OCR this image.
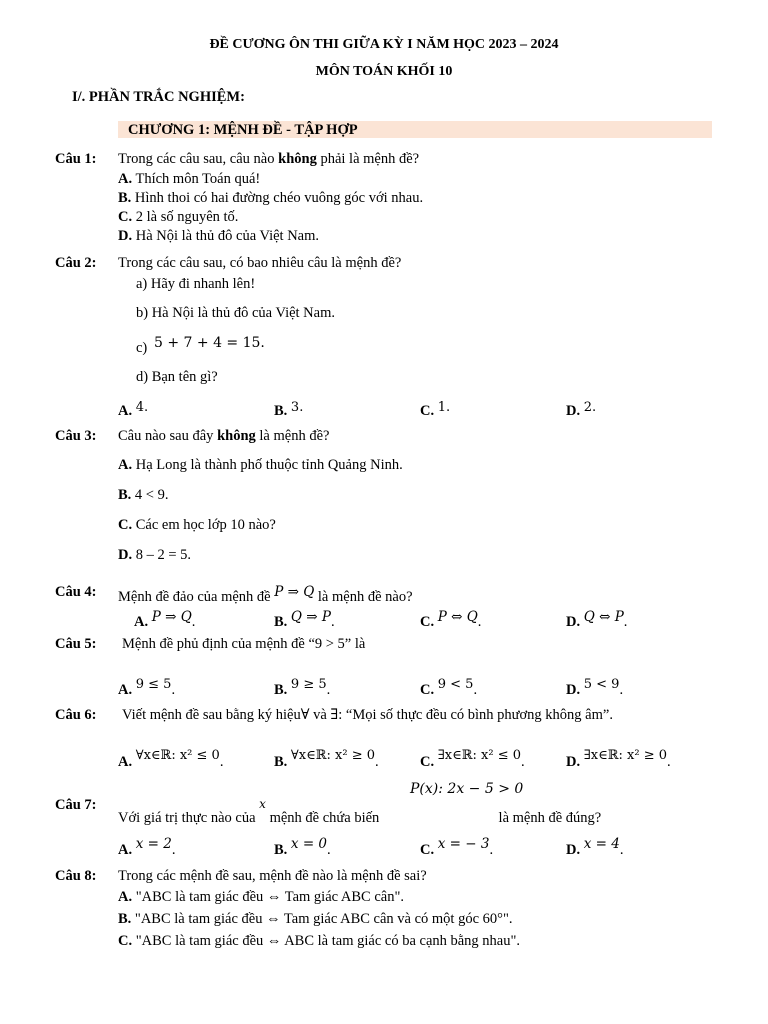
ĐỀ CƯƠNG ÔN THI GIỮA KỲ I NĂM HỌC 2023 – 2024
MÔN TOÁN KHỐI 10
I/. PHẦN TRẮC NGHIỆM:
CHƯƠNG 1: MỆNH ĐỀ - TẬP HỢP
Câu 1: Trong các câu sau, câu nào không phải là mệnh đề?
A. Thích môn Toán quá!
B. Hình thoi có hai đường chéo vuông góc với nhau.
C. 2 là số nguyên tố.
D. Hà Nội là thủ đô của Việt Nam.
Câu 2: Trong các câu sau, có bao nhiêu câu là mệnh đề?
a) Hãy đi nhanh lên!
b) Hà Nội là thủ đô của Việt Nam.
c) 5 + 7 + 4 = 15.
d) Bạn tên gì?
A. 4.	B. 3.	C. 1.	D. 2.
Câu 3: Câu nào sau đây không là mệnh đề?
A. Hạ Long là thành phố thuộc tỉnh Quảng Ninh.
B. 4 < 9.
C. Các em học lớp 10 nào?
D. 8 – 2 = 5.
Câu 4: Mệnh đề đảo của mệnh đề P ⇒ Q là mệnh đề nào?
A. P ⇒ Q.	B. Q ⇒ P.	C. P ⇔ Q.	D. Q ⇔ P.
Câu 5: Mệnh đề phủ định của mệnh đề “9 > 5” là
A. 9 ≤ 5.	B. 9 ≥ 5.	C. 9 < 5.	D. 5 < 9.
Câu 6: Viết mệnh đề sau bằng ký hiệu∀ và ∃: “Mọi số thực đều có bình phương không âm”.
A. ∀x∈ℝ: x² ≤ 0.	B. ∀x∈ℝ: x² ≥ 0.	C. ∃x∈ℝ: x² ≤ 0.	D. ∃x∈ℝ: x² ≥ 0.
Câu 7:
Với giá trị thực nào của $^x$ mệnh đề chứa biến	là mệnh đề đúng?
P(x): 2x − 5 > 0
A. x = 2.	B. x = 0.	C. x = − 3.	D. x = 4.
Câu 8: Trong các mệnh đề sau, mệnh đề nào là mệnh đề sai?
A. "ABC là tam giác đều ⇔ Tam giác ABC cân".
B. "ABC là tam giác đều ⇔ Tam giác ABC cân và có một góc 60°".
C. "ABC là tam giác đều ⇔ ABC là tam giác có ba cạnh bằng nhau".
